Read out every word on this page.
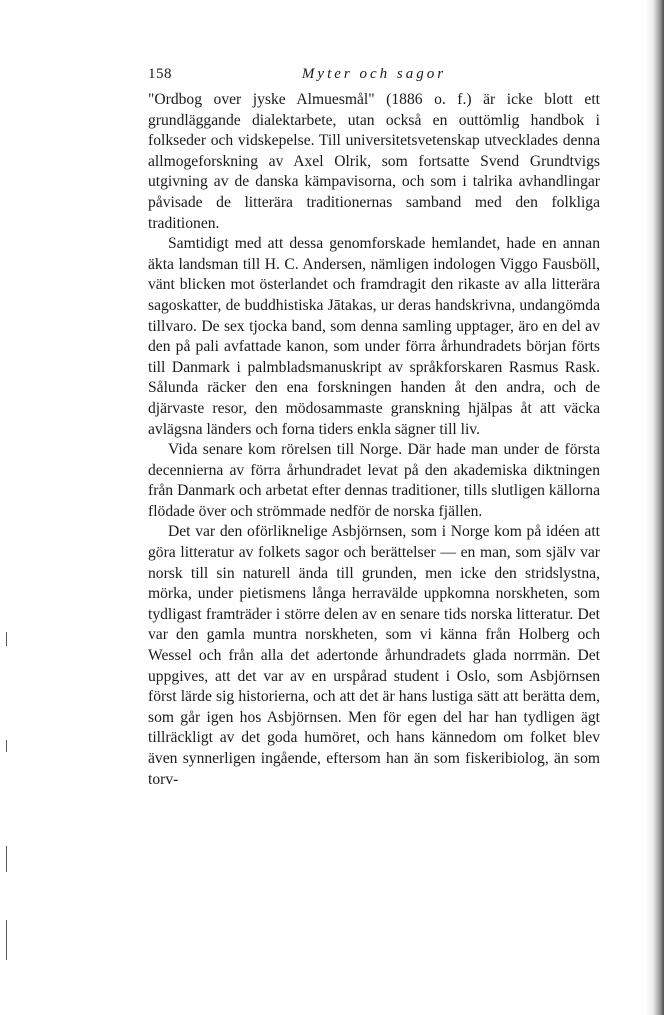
158	Myter och sagor

"Ordbog over jyske Almuesmål" (1886 o. f.) är icke blott ett grundläggande dialektarbete, utan också en outtömlig handbok i folkseder och vidskepelse. Till universitetsvetenskap utvecklades denna allmogeforskning av Axel Olrik, som fortsatte Svend Grundtvigs utgivning av de danska kämpavisorna, och som i talrika avhandlingar påvisade de litterära traditionernas samband med den folkliga traditionen.

Samtidigt med att dessa genomforskade hemlandet, hade en annan äkta landsman till H. C. Andersen, nämligen indologen Viggo Fausböll, vänt blicken mot österlandet och framdragit den rikaste av alla litterära sagoskatter, de buddhistiska Jātakas, ur deras handskrivna, undangömda tillvaro. De sex tjocka band, som denna samling upptager, äro en del av den på pali avfattade kanon, som under förra århundradets början förts till Danmark i palmbladsmanuskript av språkforskaren Rasmus Rask. Sålunda räcker den ena forskningen handen åt den andra, och de djärvaste resor, den mödosammaste granskning hjälpas åt att väcka avlägsna länders och forna tiders enkla sägner till liv.

Vida senare kom rörelsen till Norge. Där hade man under de första decennierna av förra århundradet levat på den akademiska diktningen från Danmark och arbetat efter dennas traditioner, tills slutligen källorna flödade över och strömmade nedför de norska fjällen.

Det var den oförliknelige Asbjörnsen, som i Norge kom på idéen att göra litteratur av folkets sagor och berättelser — en man, som själv var norsk till sin naturell ända till grunden, men icke den stridslystna, mörka, under pietismens långa herravälde uppkomna norskheten, som tydligast framträder i större delen av en senare tids norska litteratur. Det var den gamla muntra norskheten, som vi känna från Holberg och Wessel och från alla det adertonde århundradets glada norrmän. Det uppgives, att det var av en urspårad student i Oslo, som Asbjörnsen först lärde sig historierna, och att det är hans lustiga sätt att berätta dem, som går igen hos Asbjörnsen. Men för egen del har han tydligen ägt tillräckligt av det goda humöret, och hans kännedom om folket blev även synnerligen ingående, eftersom han än som fiskeribiolog, än som torv-
